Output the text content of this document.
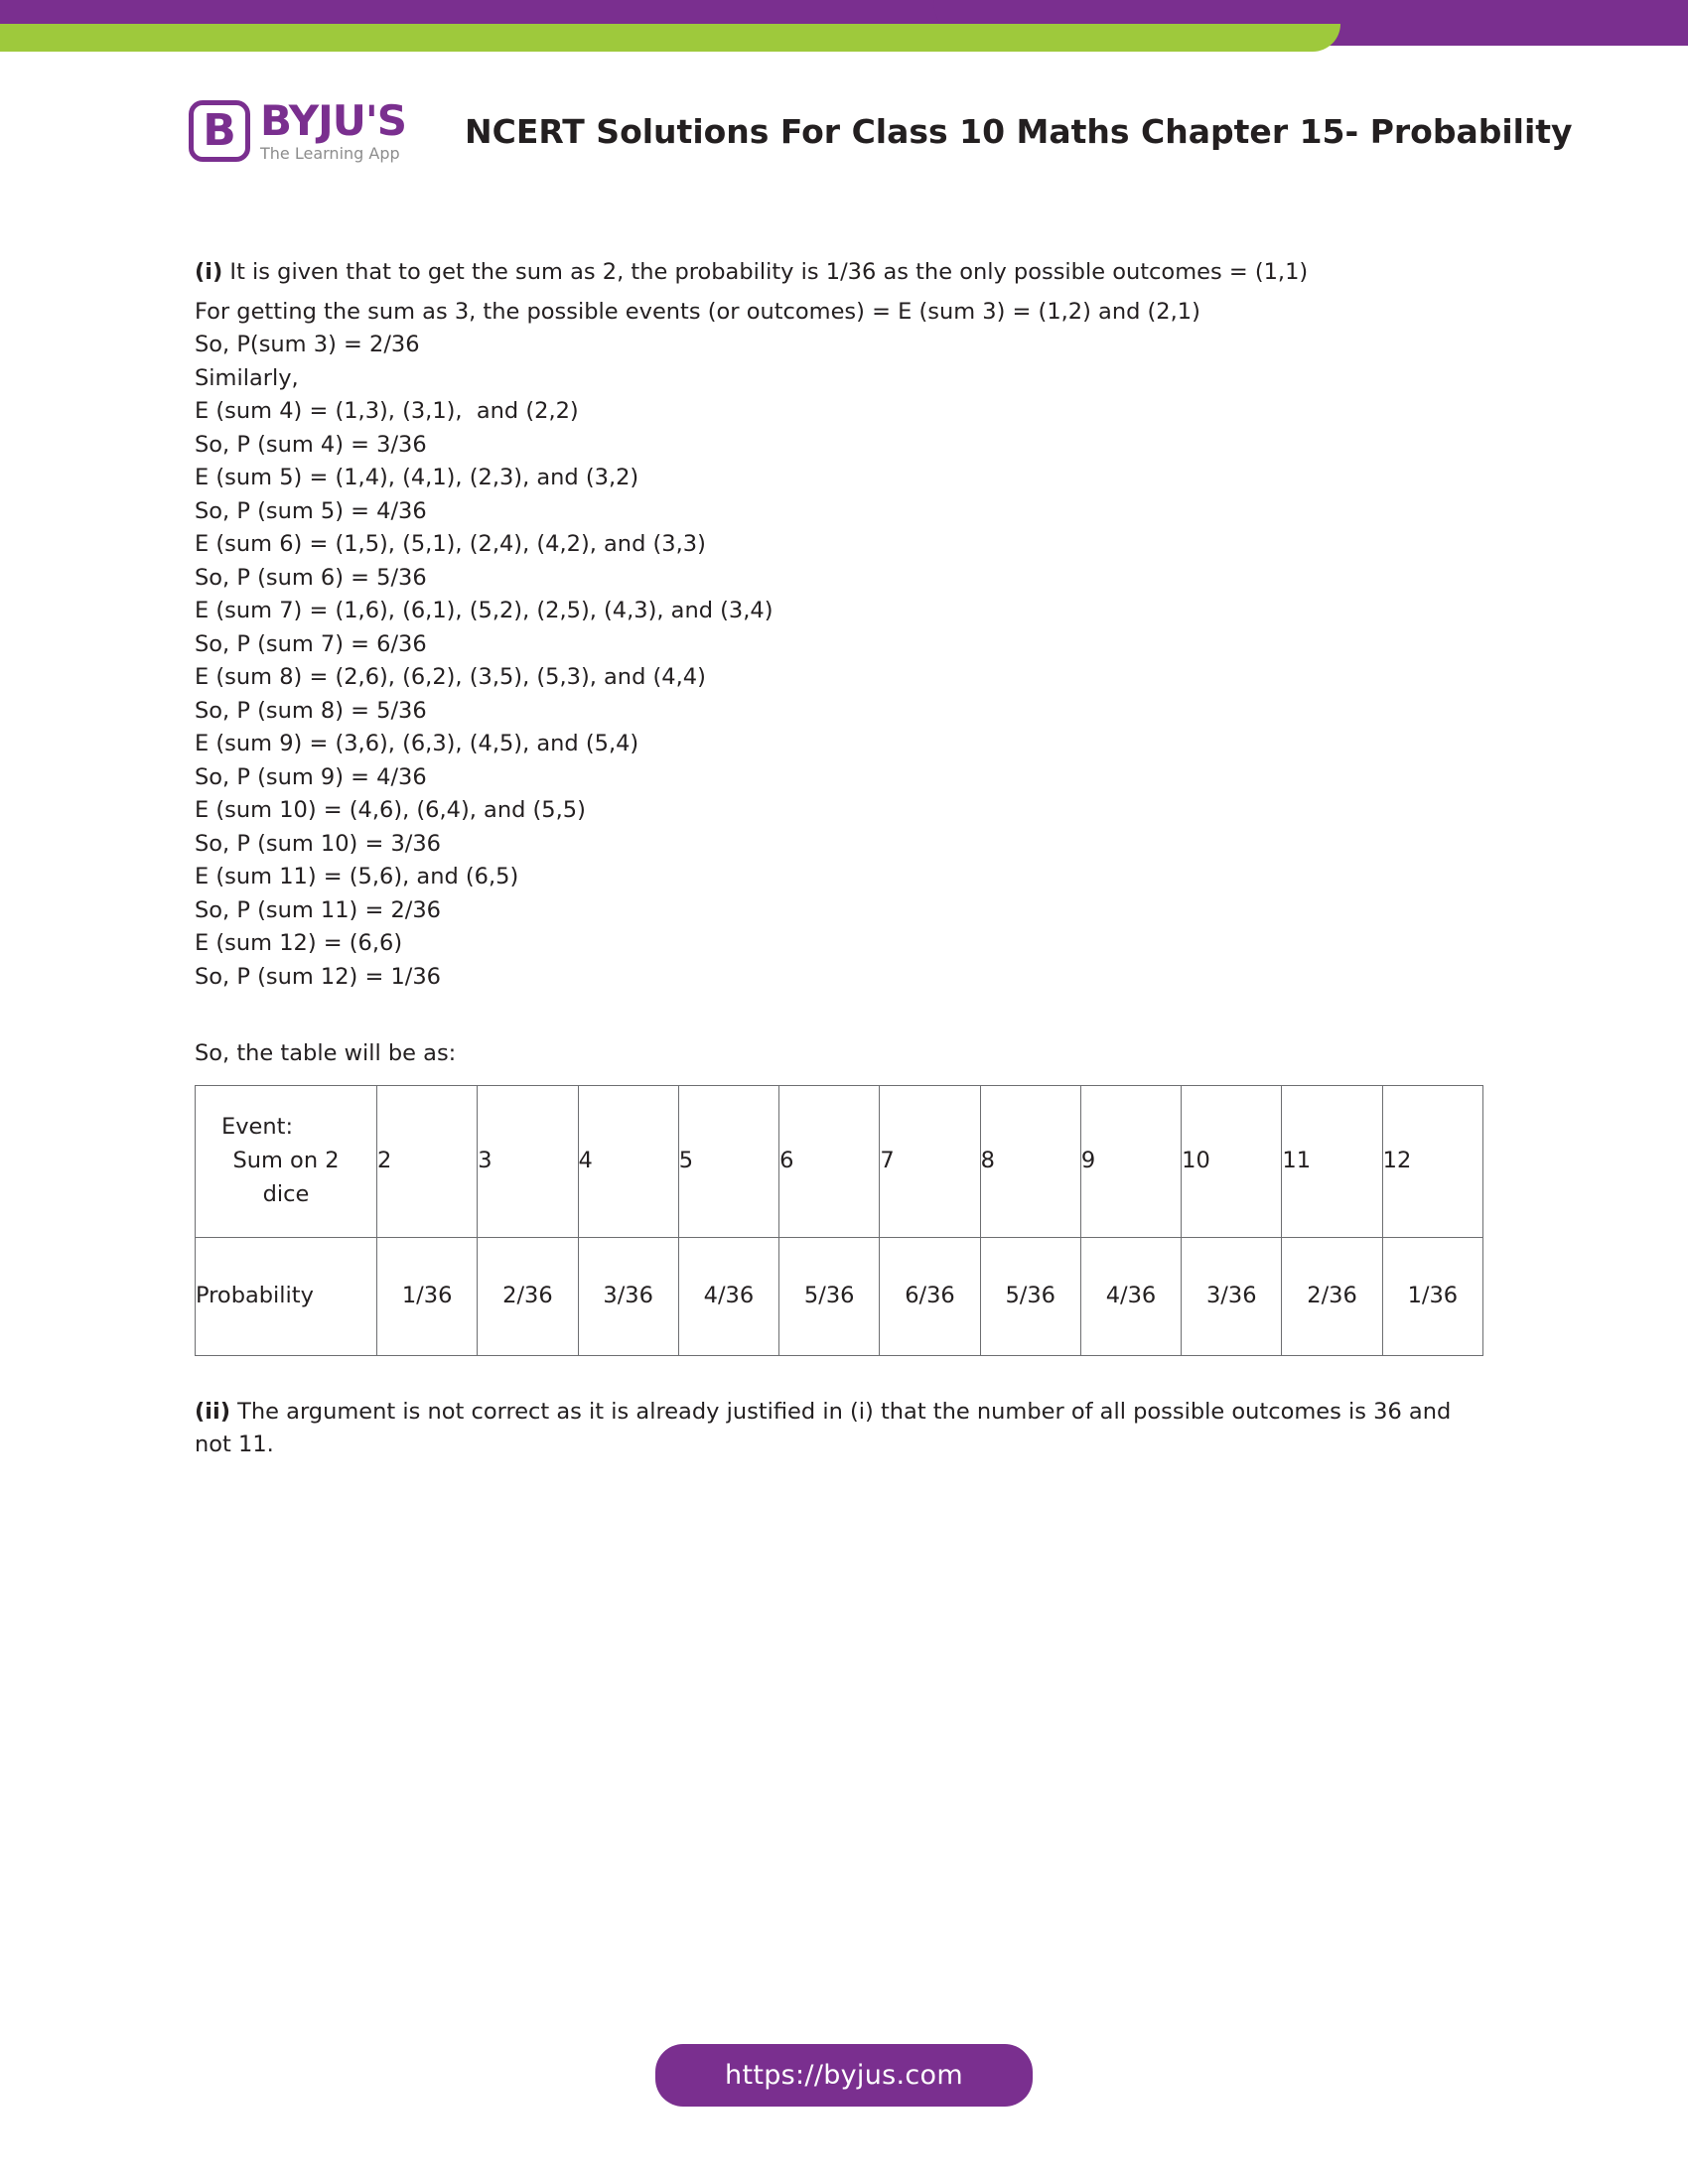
B BYJU'S
The Learning App
NCERT Solutions For Class 10 Maths Chapter 15- Probability
(i) It is given that to get the sum as 2, the probability is 1/36 as the only possible outcomes = (1,1)
For getting the sum as 3, the possible events (or outcomes) = E (sum 3) = (1,2) and (2,1)
So, P(sum 3) = 2/36
Similarly,
E (sum 4) = (1,3), (3,1),  and (2,2)
So, P (sum 4) = 3/36
E (sum 5) = (1,4), (4,1), (2,3), and (3,2)
So, P (sum 5) = 4/36
E (sum 6) = (1,5), (5,1), (2,4), (4,2), and (3,3)
So, P (sum 6) = 5/36
E (sum 7) = (1,6), (6,1), (5,2), (2,5), (4,3), and (3,4)
So, P (sum 7) = 6/36
E (sum 8) = (2,6), (6,2), (3,5), (5,3), and (4,4)
So, P (sum 8) = 5/36
E (sum 9) = (3,6), (6,3), (4,5), and (5,4)
So, P (sum 9) = 4/36
E (sum 10) = (4,6), (6,4), and (5,5)
So, P (sum 10) = 3/36
E (sum 11) = (5,6), and (6,5)
So, P (sum 11) = 2/36
E (sum 12) = (6,6)
So, P (sum 12) = 1/36
So, the table will be as:
Event:
Sum on 2
dice	2	3	4	5	6	7	8	9	10	11	12
Probability	1/36	2/36	3/36	4/36	5/36	6/36	5/36	4/36	3/36	2/36	1/36
(ii) The argument is not correct as it is already justified in (i) that the number of all possible outcomes is 36 and not 11.
https://byjus.com
